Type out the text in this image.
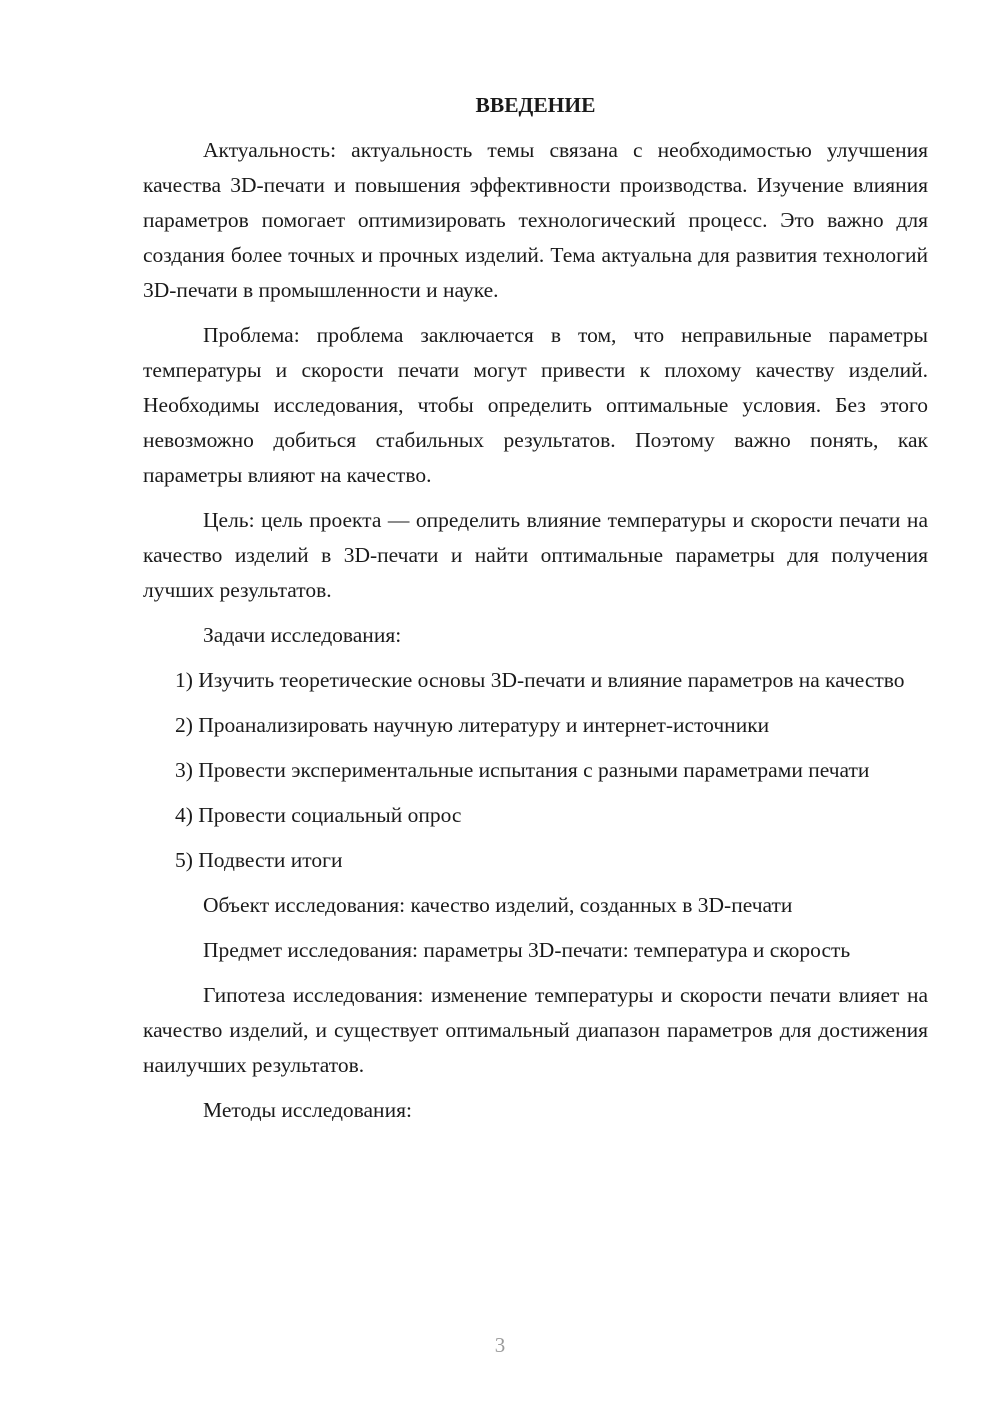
ВВЕДЕНИЕ

Актуальность: актуальность темы связана с необходимостью улучшения качества 3D-печати и повышения эффективности производства. Изучение влияния параметров помогает оптимизировать технологический процесс. Это важно для создания более точных и прочных изделий. Тема актуальна для развития технологий 3D-печати в промышленности и науке.

Проблема: проблема заключается в том, что неправильные параметры температуры и скорости печати могут привести к плохому качеству изделий. Необходимы исследования, чтобы определить оптимальные условия. Без этого невозможно добиться стабильных результатов. Поэтому важно понять, как параметры влияют на качество.

Цель: цель проекта — определить влияние температуры и скорости печати на качество изделий в 3D-печати и найти оптимальные параметры для получения лучших результатов.

Задачи исследования:

1) Изучить теоретические основы 3D-печати и влияние параметров на качество

2) Проанализировать научную литературу и интернет-источники

3) Провести экспериментальные испытания с разными параметрами печати

4) Провести социальный опрос

5) Подвести итоги

Объект исследования: качество изделий, созданных в 3D-печати

Предмет исследования: параметры 3D-печати: температура и скорость

Гипотеза исследования: изменение температуры и скорости печати влияет на качество изделий, и существует оптимальный диапазон параметров для достижения наилучших результатов.

Методы исследования:

3
